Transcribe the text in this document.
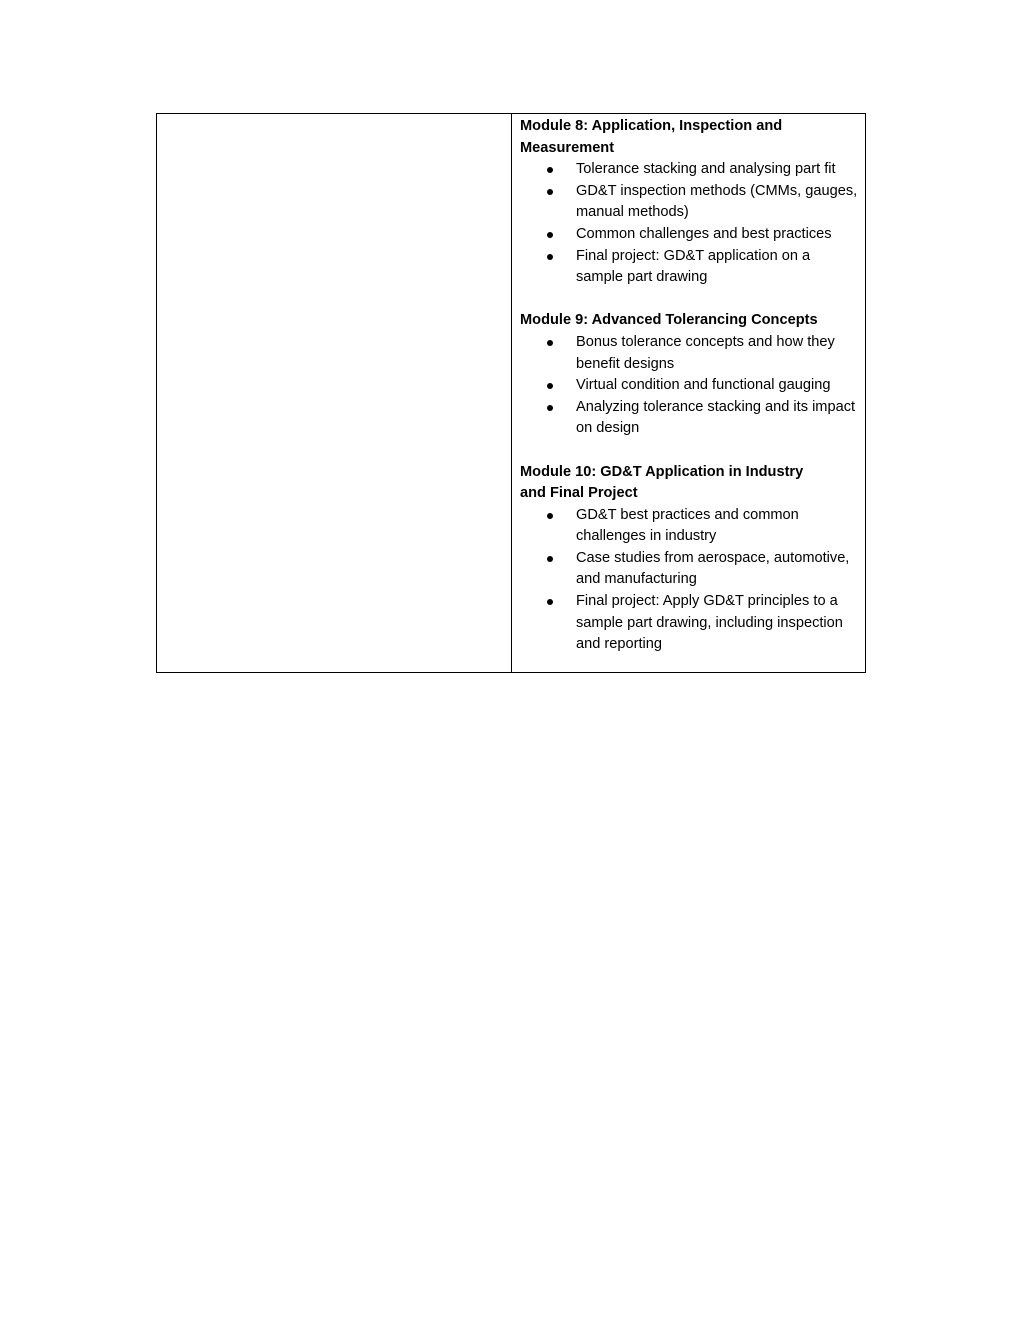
Module 8: Application, Inspection and Measurement

Tolerance stacking and analysing part fit
GD&T inspection methods (CMMs, gauges, manual methods)
Common challenges and best practices
Final project: GD&T application on a sample part drawing

Module 9: Advanced Tolerancing Concepts

Bonus tolerance concepts and how they benefit designs
Virtual condition and functional gauging
Analyzing tolerance stacking and its impact on design

Module 10: GD&T Application in Industry and Final Project

GD&T best practices and common challenges in industry
Case studies from aerospace, automotive, and manufacturing
Final project: Apply GD&T principles to a sample part drawing, including inspection and reporting
